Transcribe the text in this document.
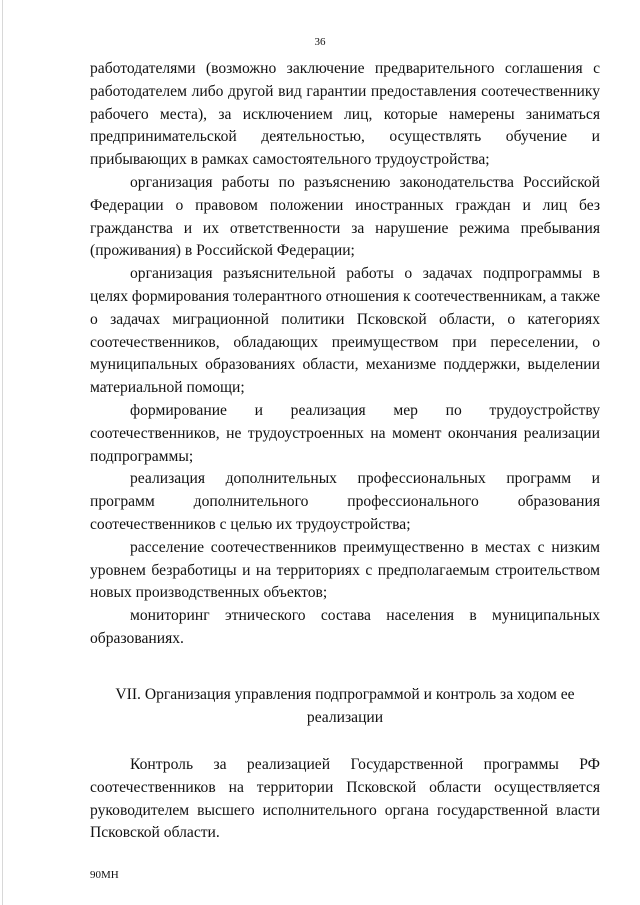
36

работодателями (возможно заключение предварительного соглашения с работодателем либо другой вид гарантии предоставления соотечественнику рабочего места), за исключением лиц, которые намерены заниматься предпринимательской деятельностью, осуществлять обучение и прибывающих в рамках самостоятельного трудоустройства;

организация работы по разъяснению законодательства Российской Федерации о правовом положении иностранных граждан и лиц без гражданства и их ответственности за нарушение режима пребывания (проживания) в Российской Федерации;

организация разъяснительной работы о задачах подпрограммы в целях формирования толерантного отношения к соотечественникам, а также о задачах миграционной политики Псковской области, о категориях соотечественников, обладающих преимуществом при переселении, о муниципальных образованиях области, механизме поддержки, выделении материальной помощи;

формирование и реализация мер по трудоустройству соотечественников, не трудоустроенных на момент окончания реализации подпрограммы;

реализация дополнительных профессиональных программ и программ дополнительного профессионального образования соотечественников с целью их трудоустройства;

расселение соотечественников преимущественно в местах с низким уровнем безработицы и на территориях с предполагаемым строительством новых производственных объектов;

мониторинг этнического состава населения в муниципальных образованиях.

VII. Организация управления подпрограммой и контроль за ходом ее реализации

Контроль за реализацией Государственной программы РФ соотечественников на территории Псковской области осуществляется руководителем высшего исполнительного органа государственной власти Псковской области.

90МН
